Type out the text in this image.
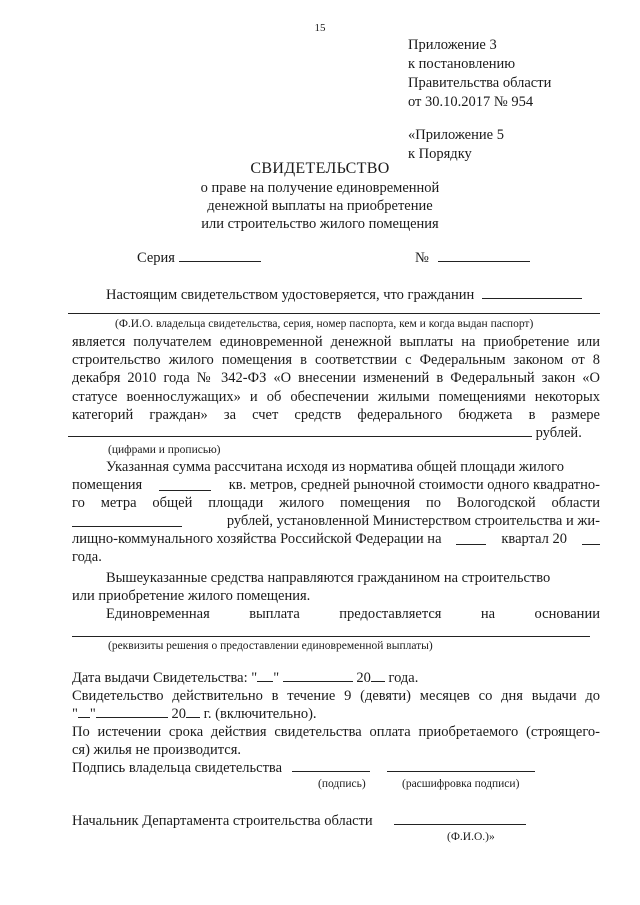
15
Приложение 3
к постановлению
Правительства области
от 30.10.2017 № 954
«Приложение 5
к Порядку
СВИДЕТЕЛЬСТВО
о праве на получение единовременной
денежной выплаты на приобретение
или строительство жилого помещения
Серия	№
Настоящим свидетельством удостоверяется, что гражданин
(Ф.И.О. владельца свидетельства, серия, номер паспорта, кем и когда выдан паспорт)
является получателем единовременной денежной выплаты на приобретение или
строительство жилого помещения в соответствии с Федеральным законом от 8
декабря 2010 года № 342-ФЗ «О внесении изменений в Федеральный закон «О
статусе военнослужащих» и об обеспечении жилыми помещениями некоторых
категорий граждан» за счет средств федерального бюджета в размере
рублей.
(цифрами и прописью)
Указанная сумма рассчитана исходя из норматива общей площади жилого
помещения	кв. метров, средней рыночной стоимости одного квадратно-
го метра общей площади жилого помещения по Вологодской области
рублей, установленной Министерством строительства и жи-
лищно-коммунального хозяйства Российской Федерации на	квартал 20
года.
Вышеуказанные средства направляются гражданином на строительство
или приобретение жилого помещения.
Единовременная	выплата	предоставляется	на	основании
(реквизиты решения о предоставлении единовременной выплаты)
Дата выдачи Свидетельства: " "	20 года.
Свидетельство действительно в течение 9 (девяти) месяцев со дня выдачи до
" "	20 г. (включительно).
По истечении срока действия свидетельства оплата приобретаемого (строящего-
ся) жилья не производится.
Подпись владельца свидетельства
(подпись)	(расшифровка подписи)
Начальник Департамента строительства области
(Ф.И.О.)»
